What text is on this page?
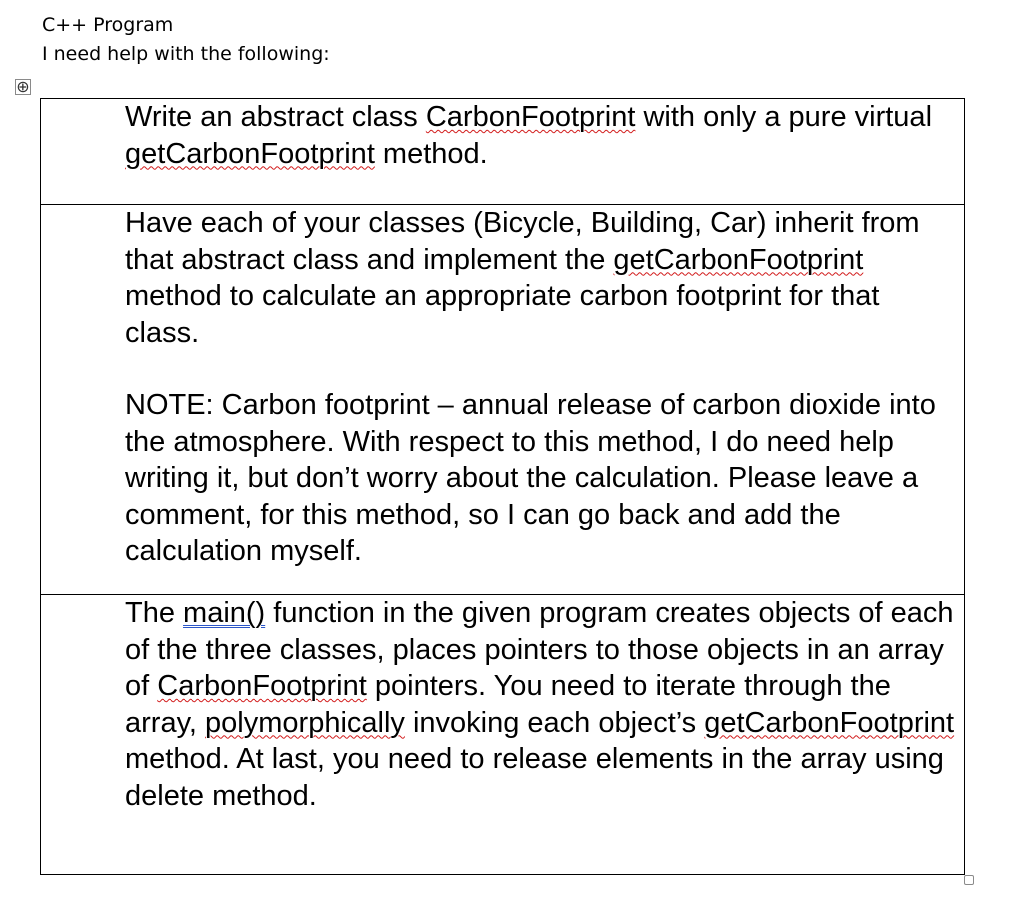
C++ Program
I need help with the following:
⊕

Write an abstract class CarbonFootprint with only a pure virtual getCarbonFootprint method.

Have each of your classes (Bicycle, Building, Car) inherit from that abstract class and implement the getCarbonFootprint method to calculate an appropriate carbon footprint for that class.

NOTE: Carbon footprint – annual release of carbon dioxide into the atmosphere. With respect to this method, I do need help writing it, but don’t worry about the calculation. Please leave a comment, for this method, so I can go back and add the calculation myself.

The main() function in the given program creates objects of each of the three classes, places pointers to those objects in an array of CarbonFootprint pointers. You need to iterate through the array, polymorphically invoking each object’s getCarbonFootprint method. At last, you need to release elements in the array using delete method.
